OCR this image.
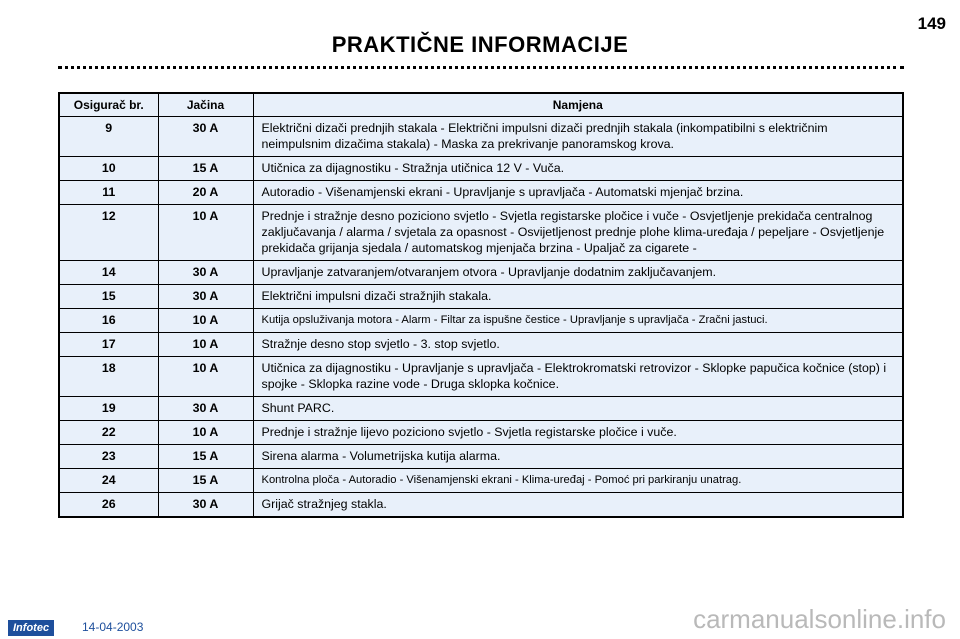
149
PRAKTIČNE INFORMACIJE
Osigurač br.	Jačina	Namjena
9	30 A	Električni dizači prednjih stakala - Električni impulsni dizači prednjih stakala (inkompatibilni s električnim neimpulsnim dizačima stakala) - Maska za prekrivanje panoramskog krova.
10	15 A	Utičnica za dijagnostiku - Stražnja utičnica 12 V - Vuča.
11	20 A	Autoradio - Višenamjenski ekrani - Upravljanje s upravljača - Automatski mjenjač brzina.
12	10 A	Prednje i stražnje desno poziciono svjetlo - Svjetla registarske pločice i vuče - Osvjetljenje prekidača centralnog zaključavanja / alarma / svjetala za opasnost - Osvijetljenost prednje plohe klima-uređaja / pepeljare - Osvjetljenje prekidača grijanja sjedala / automatskog mjenjača brzina - Upaljač za cigarete -
14	30 A	Upravljanje zatvaranjem/otvaranjem otvora - Upravljanje dodatnim zaključavanjem.
15	30 A	Električni impulsni dizači stražnjih stakala.
16	10 A	Kutija opsluživanja motora - Alarm - Filtar za ispušne čestice - Upravljanje s upravljača - Zračni jastuci.
17	10 A	Stražnje desno stop svjetlo - 3. stop svjetlo.
18	10 A	Utičnica za dijagnostiku - Upravljanje s upravljača - Elektrokromatski retrovizor - Sklopke papučica kočnice (stop) i spojke - Sklopka razine vode - Druga sklopka kočnice.
19	30 A	Shunt PARC.
22	10 A	Prednje i stražnje lijevo poziciono svjetlo - Svjetla registarske pločice i vuče.
23	15 A	Sirena alarma - Volumetrijska kutija alarma.
24	15 A	Kontrolna ploča - Autoradio - Višenamjenski ekrani - Klima-uređaj - Pomoć pri parkiranju unatrag.
26	30 A	Grijač stražnjeg stakla.
Infotec	14-04-2003	carmanualsonline.info
